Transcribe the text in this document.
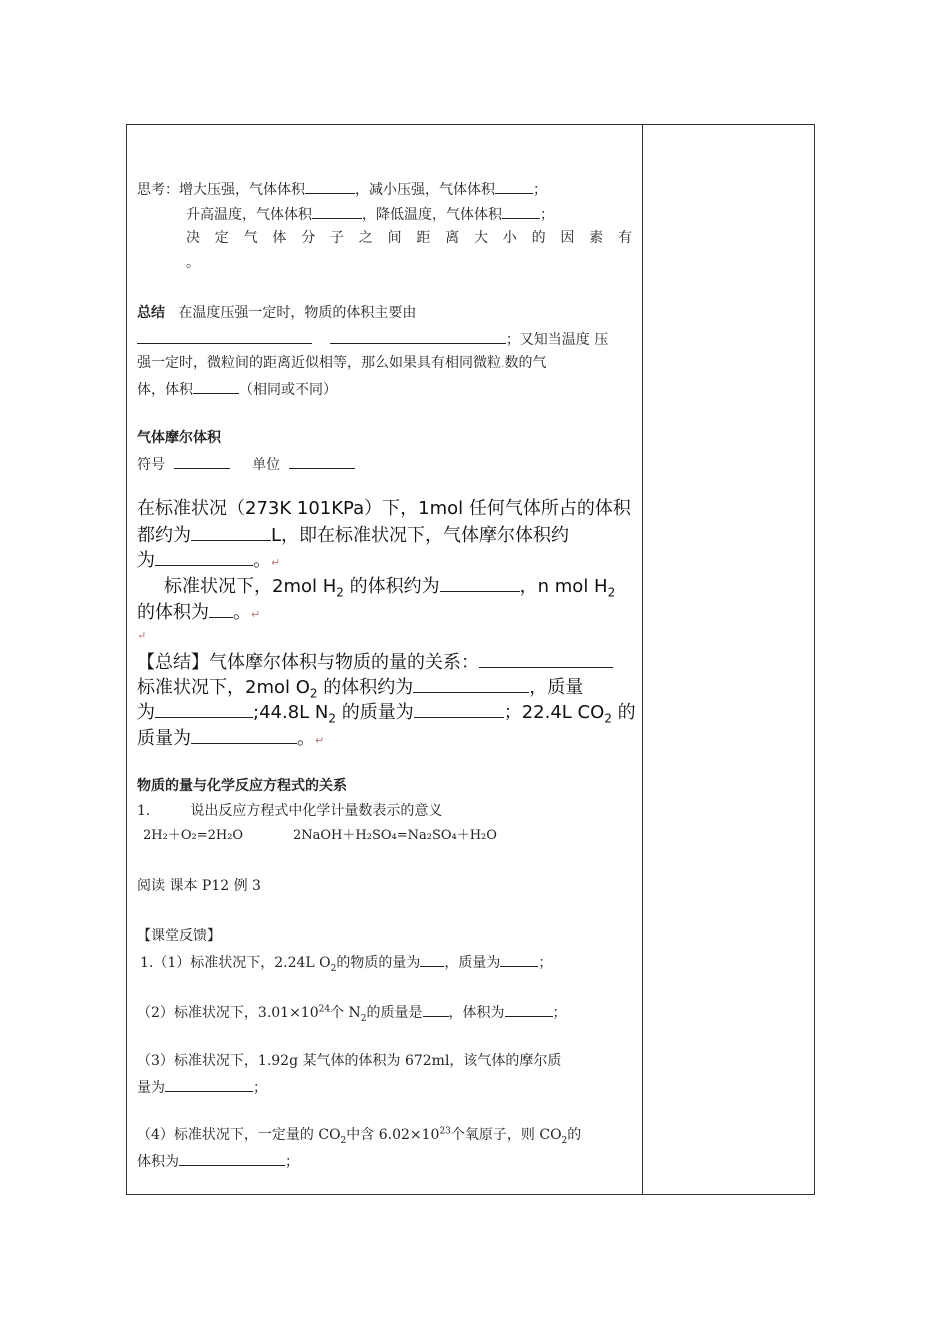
思考：增大压强，气体体积	，减小压强，气体体积	；
升高温度，气体体积	，降低温度，气体体积	；
决 定 气 体 分 子 之 间 距 离 大 小 的 因 素 有
。
总结 在温度压强一定时，物质的体积主要由
；又知当温度 压
强一定时，微粒间的距离近似相等，那么如果具有相同微粒.数的气
体，体积	（相同或不同）
气体摩尔体积
符号	单位
在标准状况（273K 101KPa）下，1mol 任何气体所占的体积
都约为	L，即在标准状况下，气体摩尔体积约
为	。↵
标准状况下，2mol $H_2$ 的体积约为	，n mol $H_2$
的体积为 。↵
↵
【总结】气体摩尔体积与物质的量的关系：
标准状况下，2mol $O_2$ 的体积约为	，质量
为	;44.8L $N_2$ 的质量为	；22.4L $CO_2$ 的
质量为	。↵
物质的量与化学反应方程式的关系
1.	说出反应方程式中化学计量数表示的意义
2H₂＋O₂=2H₂O	2NaOH＋H₂SO₄=Na₂SO₄＋H₂O
阅读 课本 P12 例 3
【课堂反馈】
1.（1）标准状况下，2.24L $O_2$的物质的量为 ，质量为	；
（2）标准状况下，$3.01\times 10^{24}$个 $N_2$的质量是 ，体积为	；
（3）标准状况下，1.92g 某气体的体积为 672ml，该气体的摩尔质
量为	；
（4）标准状况下，一定量的 $CO_2$中含 $6.02\times 10^{23}$个氧原子，则 $CO_2$的
体积为	；
